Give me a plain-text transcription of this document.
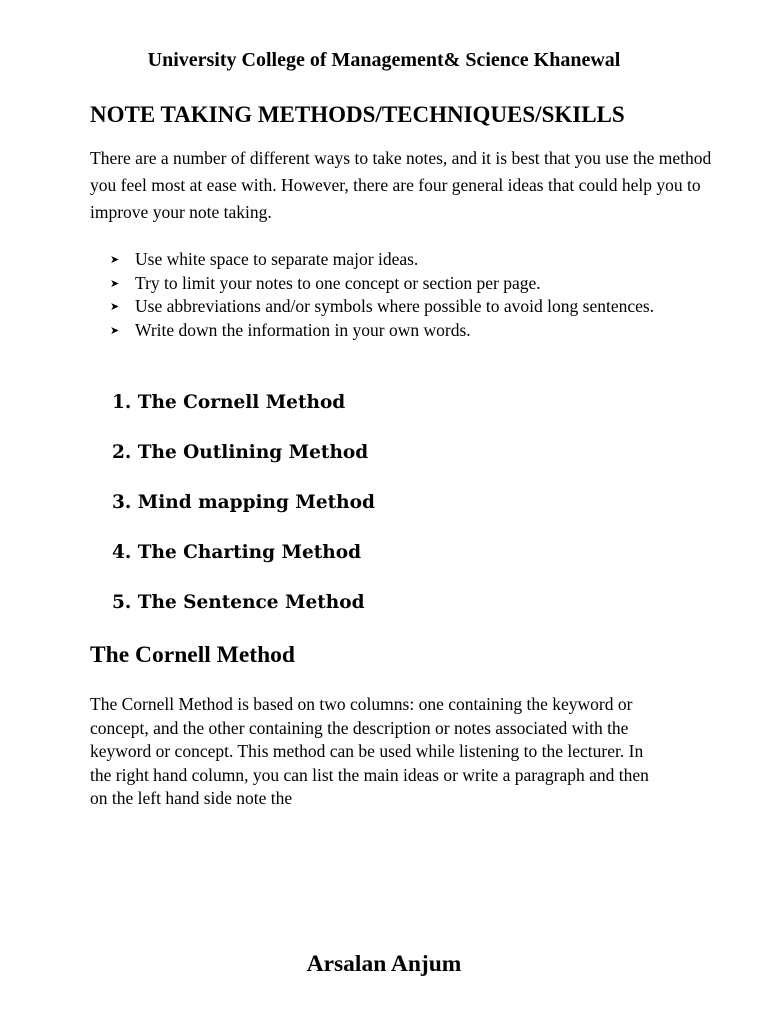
University College of Management& Science Khanewal
NOTE TAKING METHODS/TECHNIQUES/SKILLS

There are a number of different ways to take notes, and it is best that you use the method you feel most at ease with. However, there are four general ideas that could help you to improve your note taking.

➤ Use white space to separate major ideas.
➤ Try to limit your notes to one concept or section per page.
➤ Use abbreviations and/or symbols where possible to avoid long sentences.
➤ Write down the information in your own words.
1. The Cornell Method
2. The Outlining Method
3. Mind mapping Method
4. The Charting Method
5. The Sentence Method
The Cornell Method

The Cornell Method is based on two columns: one containing the keyword or concept, and the other containing the description or notes associated with the keyword or concept. This method can be used while listening to the lecturer. In the right hand column, you can list the main ideas or write a paragraph and then on the left hand side note the

Arsalan Anjum
